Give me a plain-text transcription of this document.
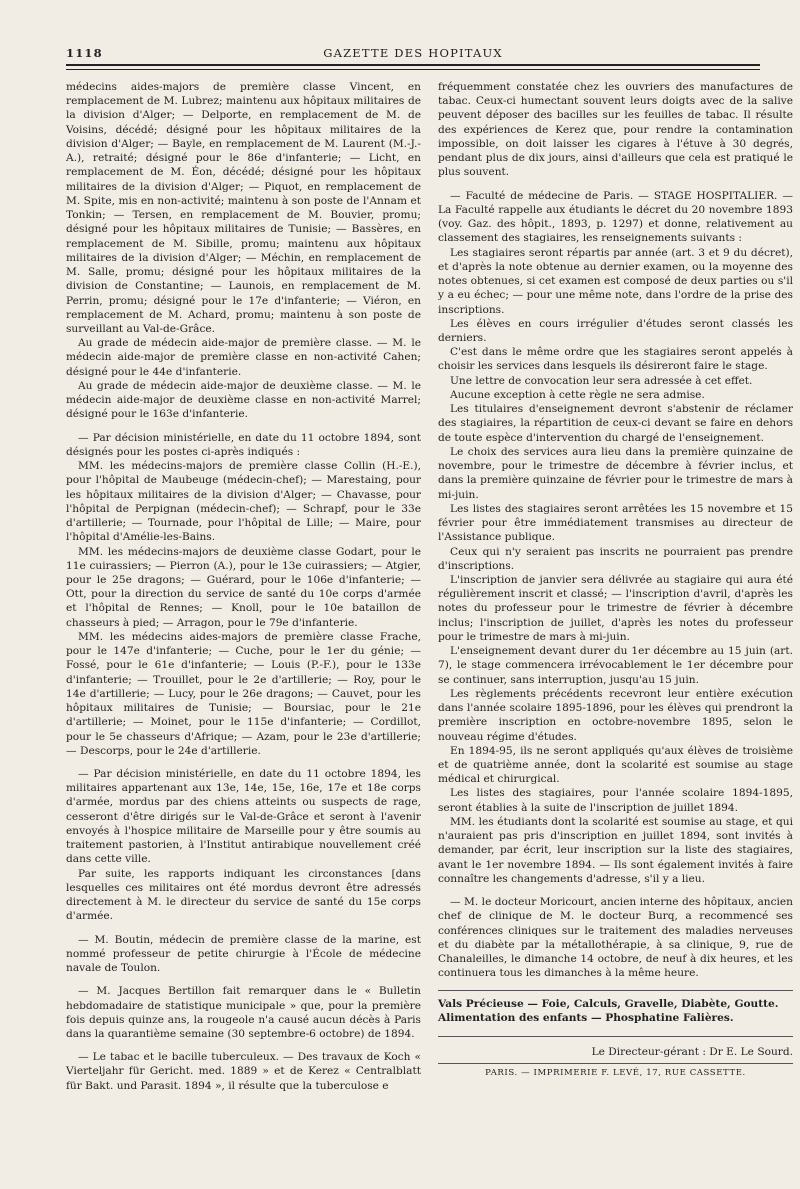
1118	GAZETTE DES HOPITAUX

médecins aides-majors de première classe Vincent, en remplacement de M. Lubrez; maintenu aux hôpitaux militaires de la division d'Alger; — Delporte, en remplacement de M. de Voisins, décédé; désigné pour les hôpitaux militaires de la division d'Alger; — Bayle, en remplacement de M. Laurent (M.-J.-A.), retraité; désigné pour le 86e d'infanterie; — Licht, en remplacement de M. Éon, décédé; désigné pour les hôpitaux militaires de la division d'Alger; — Piquot, en remplacement de M. Spite, mis en non-activité; maintenu à son poste de l'Annam et Tonkin; — Tersen, en remplacement de M. Bouvier, promu; désigné pour les hôpitaux militaires de Tunisie; — Bassères, en remplacement de M. Sibille, promu; maintenu aux hôpitaux militaires de la division d'Alger; — Méchin, en remplacement de M. Salle, promu; désigné pour les hôpitaux militaires de la division de Constantine; — Launois, en remplacement de M. Perrin, promu; désigné pour le 17e d'infanterie; — Viéron, en remplacement de M. Achard, promu; maintenu à son poste de surveillant au Val-de-Grâce.

Au grade de médecin aide-major de première classe. — M. le médecin aide-major de première classe en non-activité Cahen; désigné pour le 44e d'infanterie.

Au grade de médecin aide-major de deuxième classe. — M. le médecin aide-major de deuxième classe en non-activité Marrel; désigné pour le 163e d'infanterie.

— Par décision ministérielle, en date du 11 octobre 1894, sont désignés pour les postes ci-après indiqués :

MM. les médecins-majors de première classe Collin (H.-E.), pour l'hôpital de Maubeuge (médecin-chef); — Marestaing, pour les hôpitaux militaires de la division d'Alger; — Chavasse, pour l'hôpital de Perpignan (médecin-chef); — Schrapf, pour le 33e d'artillerie; — Tournade, pour l'hôpital de Lille; — Maire, pour l'hôpital d'Amélie-les-Bains.

MM. les médecins-majors de deuxième classe Godart, pour le 11e cuirassiers; — Pierron (A.), pour le 13e cuirassiers; — Atgier, pour le 25e dragons; — Guérard, pour le 106e d'infanterie; — Ott, pour la direction du service de santé du 10e corps d'armée et l'hôpital de Rennes; — Knoll, pour le 10e bataillon de chasseurs à pied; — Arragon, pour le 79e d'infanterie.

MM. les médecins aides-majors de première classe Frache, pour le 147e d'infanterie; — Cuche, pour le 1er du génie; — Fossé, pour le 61e d'infanterie; — Louis (P.-F.), pour le 133e d'infanterie; — Trouillet, pour le 2e d'artillerie; — Roy, pour le 14e d'artillerie; — Lucy, pour le 26e dragons; — Cauvet, pour les hôpitaux militaires de Tunisie; — Boursiac, pour le 21e d'artillerie; — Moinet, pour le 115e d'infanterie; — Cordillot, pour le 5e chasseurs d'Afrique; — Azam, pour le 23e d'artillerie; — Descorps, pour le 24e d'artillerie.

— Par décision ministérielle, en date du 11 octobre 1894, les militaires appartenant aux 13e, 14e, 15e, 16e, 17e et 18e corps d'armée, mordus par des chiens atteints ou suspects de rage, cesseront d'être dirigés sur le Val-de-Grâce et seront à l'avenir envoyés à l'hospice militaire de Marseille pour y être soumis au traitement pastorien, à l'Institut antirabique nouvellement créé dans cette ville.

Par suite, les rapports indiquant les circonstances [dans lesquelles ces militaires ont été mordus devront être adressés directement à M. le directeur du service de santé du 15e corps d'armée.

— M. Boutin, médecin de première classe de la marine, est nommé professeur de petite chirurgie à l'École de médecine navale de Toulon.

— M. Jacques Bertillon fait remarquer dans le « Bulletin hebdomadaire de statistique municipale » que, pour la première fois depuis quinze ans, la rougeole n'a causé aucun décès à Paris dans la quarantième semaine (30 septembre-6 octobre) de 1894.

— Le tabac et le bacille tuberculeux. — Des travaux de Koch « Vierteljahr für Gericht. med. 1889 » et de Kerez « Centralblatt für Bakt. und Parasit. 1894 », il résulte que la tuberculose e

fréquemment constatée chez les ouvriers des manufactures de tabac. Ceux-ci humectant souvent leurs doigts avec de la salive peuvent déposer des bacilles sur les feuilles de tabac. Il résulte des expériences de Kerez que, pour rendre la contamination impossible, on doit laisser les cigares à l'étuve à 30 degrés, pendant plus de dix jours, ainsi d'ailleurs que cela est pratiqué le plus souvent.

— Faculté de médecine de Paris. — STAGE HOSPITALIER. — La Faculté rappelle aux étudiants le décret du 20 novembre 1893 (voy. Gaz. des hôpit., 1893, p. 1297) et donne, relativement au classement des stagiaires, les renseignements suivants :

Les stagiaires seront répartis par année (art. 3 et 9 du décret), et d'après la note obtenue au dernier examen, ou la moyenne des notes obtenues, si cet examen est composé de deux parties ou s'il y a eu échec; — pour une même note, dans l'ordre de la prise des inscriptions.

Les élèves en cours irrégulier d'études seront classés les derniers.

C'est dans le même ordre que les stagiaires seront appelés à choisir les services dans lesquels ils désireront faire le stage.

Une lettre de convocation leur sera adressée à cet effet.

Aucune exception à cette règle ne sera admise.

Les titulaires d'enseignement devront s'abstenir de réclamer des stagiaires, la répartition de ceux-ci devant se faire en dehors de toute espèce d'intervention du chargé de l'enseignement.

Le choix des services aura lieu dans la première quinzaine de novembre, pour le trimestre de décembre à février inclus, et dans la première quinzaine de février pour le trimestre de mars à mi-juin.

Les listes des stagiaires seront arrêtées les 15 novembre et 15 février pour être immédiatement transmises au directeur de l'Assistance publique.

Ceux qui n'y seraient pas inscrits ne pourraient pas prendre d'inscriptions.

L'inscription de janvier sera délivrée au stagiaire qui aura été régulièrement inscrit et classé; — l'inscription d'avril, d'après les notes du professeur pour le trimestre de février à décembre inclus; l'inscription de juillet, d'après les notes du professeur pour le trimestre de mars à mi-juin.

L'enseignement devant durer du 1er décembre au 15 juin (art. 7), le stage commencera irrévocablement le 1er décembre pour se continuer, sans interruption, jusqu'au 15 juin.

Les règlements précédents recevront leur entière exécution dans l'année scolaire 1895-1896, pour les élèves qui prendront la première inscription en octobre-novembre 1895, selon le nouveau régime d'études.

En 1894-95, ils ne seront appliqués qu'aux élèves de troisième et de quatrième année, dont la scolarité est soumise au stage médical et chirurgical.

Les listes des stagiaires, pour l'année scolaire 1894-1895, seront établies à la suite de l'inscription de juillet 1894.

MM. les étudiants dont la scolarité est soumise au stage, et qui n'auraient pas pris d'inscription en juillet 1894, sont invités à demander, par écrit, leur inscription sur la liste des stagiaires, avant le 1er novembre 1894. — Ils sont également invités à faire connaître les changements d'adresse, s'il y a lieu.

— M. le docteur Moricourt, ancien interne des hôpitaux, ancien chef de clinique de M. le docteur Burq, a recommencé ses conférences cliniques sur le traitement des maladies nerveuses et du diabète par la métallothérapie, à sa clinique, 9, rue de Chanaleilles, le dimanche 14 octobre, de neuf à dix heures, et les continuera tous les dimanches à la même heure.

Vals Précieuse — Foie, Calculs, Gravelle, Diabète, Goutte.

Alimentation des enfants — Phosphatine Falières.

Le Directeur-gérant : Dr E. Le Sourd.
PARIS. — IMPRIMERIE F. LEVÉ, 17, RUE CASSETTE.
